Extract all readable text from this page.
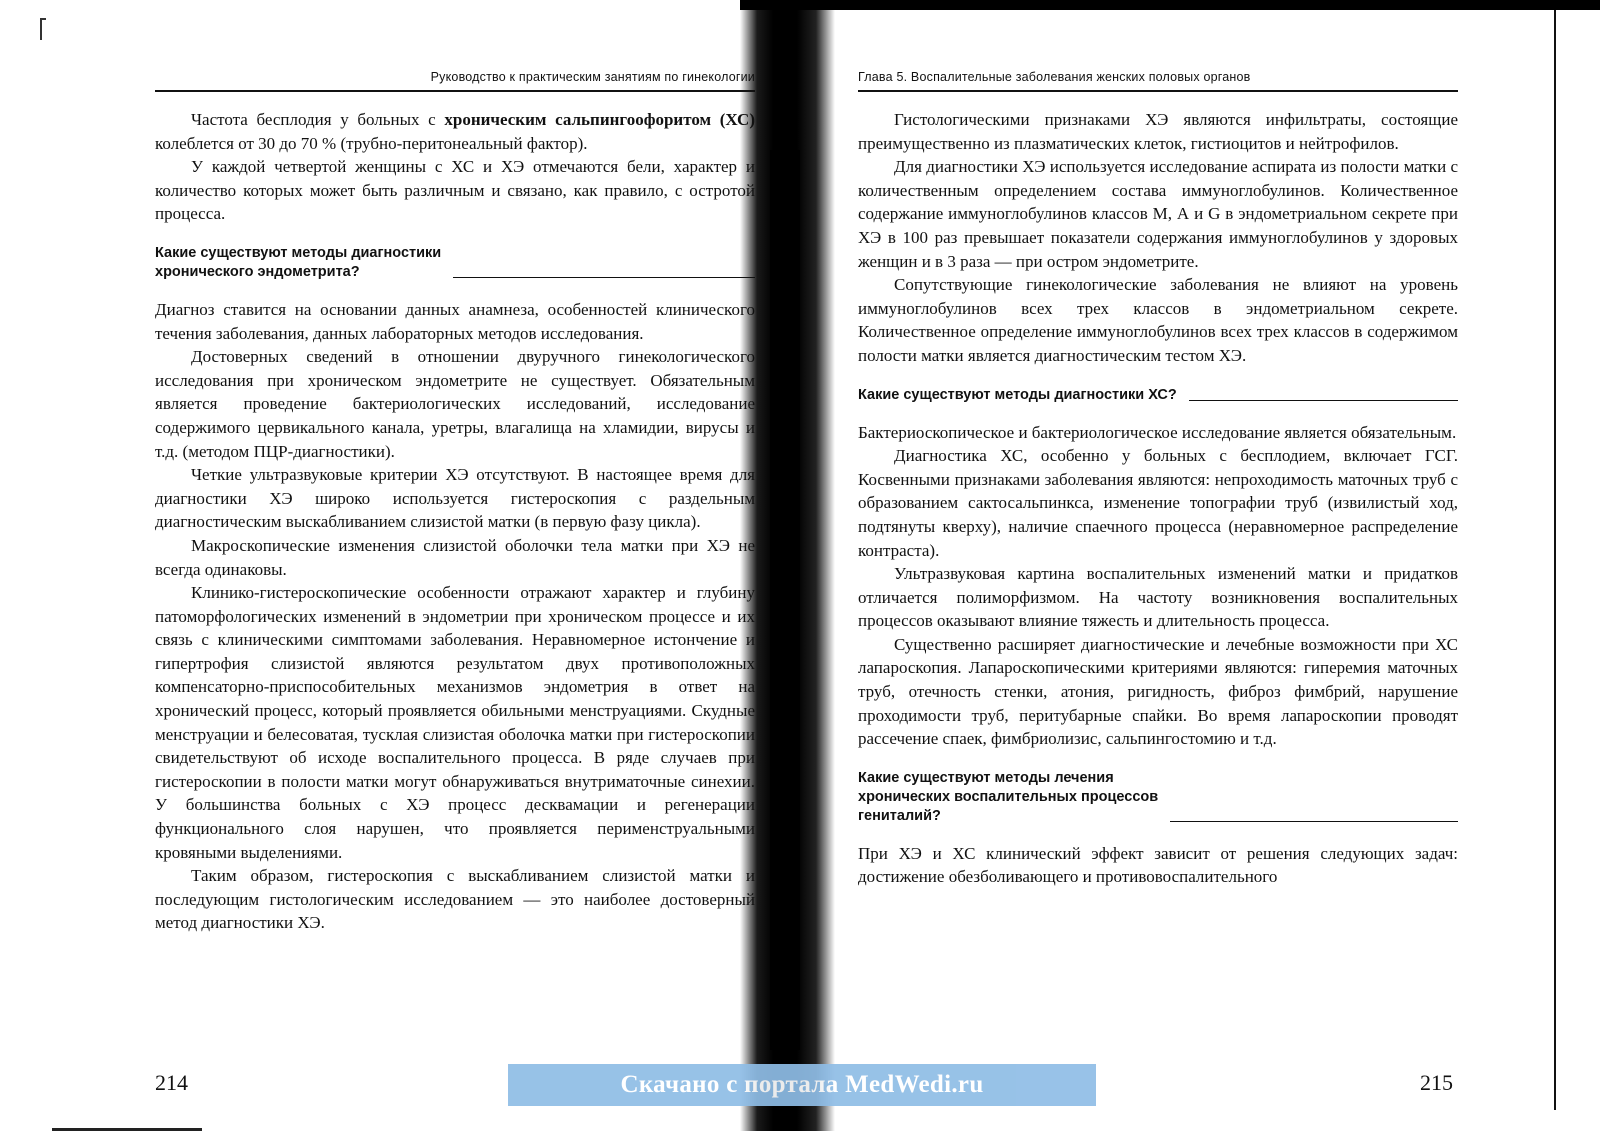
Руководство к практическим занятиям по гинекологии

Частота бесплодия у больных с хроническим сальпингоофоритом (ХС) колеблется от 30 до 70 % (трубно-перитонеальный фактор).

У каждой четвертой женщины с ХС и ХЭ отмечаются бели, характер и количество которых может быть различным и связано, как правило, с остротой процесса.

Какие существуют методы диагностики
хронического эндометрита?

Диагноз ставится на основании данных анамнеза, особенностей клинического течения заболевания, данных лабораторных методов исследования.

Достоверных сведений в отношении двуручного гинекологического исследования при хроническом эндометрите не существует. Обязательным является проведение бактериологических исследований, исследование содержимого цервикального канала, уретры, влагалища на хламидии, вирусы и т.д. (методом ПЦР-диагностики).

Четкие ультразвуковые критерии ХЭ отсутствуют. В настоящее время для диагностики ХЭ широко используется гистероскопия с раздельным диагностическим выскабливанием слизистой матки (в первую фазу цикла).

Макроскопические изменения слизистой оболочки тела матки при ХЭ не всегда одинаковы.

Клинико-гистероскопические особенности отражают характер и глубину патоморфологических изменений в эндометрии при хроническом процессе и их связь с клиническими симптомами заболевания. Неравномерное истончение и гипертрофия слизистой являются результатом двух противоположных компенсаторно-приспособительных механизмов эндометрия в ответ на хронический процесс, который проявляется обильными менструациями. Скудные менструации и белесоватая, тусклая слизистая оболочка матки при гистероскопии свидетельствуют об исходе воспалительного процесса. В ряде случаев при гистероскопии в полости матки могут обнаруживаться внутриматочные синехии. У большинства больных с ХЭ процесс десквамации и регенерации функционального слоя нарушен, что проявляется перименструальными кровяными выделениями.

Таким образом, гистероскопия с выскабливанием слизистой матки и последующим гистологическим исследованием — это наиболее достоверный метод диагностики ХЭ.

Глава 5. Воспалительные заболевания женских половых органов

Гистологическими признаками ХЭ являются инфильтраты, состоящие преимущественно из плазматических клеток, гистиоцитов и нейтрофилов.

Для диагностики ХЭ используется исследование аспирата из полости матки с количественным определением состава иммуноглобулинов. Количественное содержание иммуноглобулинов классов М, А и G в эндометриальном секрете при ХЭ в 100 раз превышает показатели содержания иммуноглобулинов у здоровых женщин и в 3 раза — при остром эндометрите.

Сопутствующие гинекологические заболевания не влияют на уровень иммуноглобулинов всех трех классов в эндометриальном секрете. Количественное определение иммуноглобулинов всех трех классов в содержимом полости матки является диагностическим тестом ХЭ.

Какие существуют методы диагностики ХС?

Бактериоскопическое и бактериологическое исследование является обязательным.

Диагностика ХС, особенно у больных с бесплодием, включает ГСГ. Косвенными признаками заболевания являются: непроходимость маточных труб с образованием сактосальпинкса, изменение топографии труб (извилистый ход, подтянуты кверху), наличие спаечного процесса (неравномерное распределение контраста).

Ультразвуковая картина воспалительных изменений матки и придатков отличается полиморфизмом. На частоту возникновения воспалительных процессов оказывают влияние тяжесть и длительность процесса.

Существенно расширяет диагностические и лечебные возможности при ХС лапароскопия. Лапароскопическими критериями являются: гиперемия маточных труб, отечность стенки, атония, ригидность, фиброз фимбрий, нарушение проходимости труб, перитубарные спайки. Во время лапароскопии проводят рассечение спаек, фимбриолизис, сальпингостомию и т.д.

Какие существуют методы лечения
хронических воспалительных процессов
гениталий?

При ХЭ и ХС клинический эффект зависит от решения следующих задач: достижение обезболивающего и противовоспалительного

214	215
Скачано с портала MedWedi.ru
